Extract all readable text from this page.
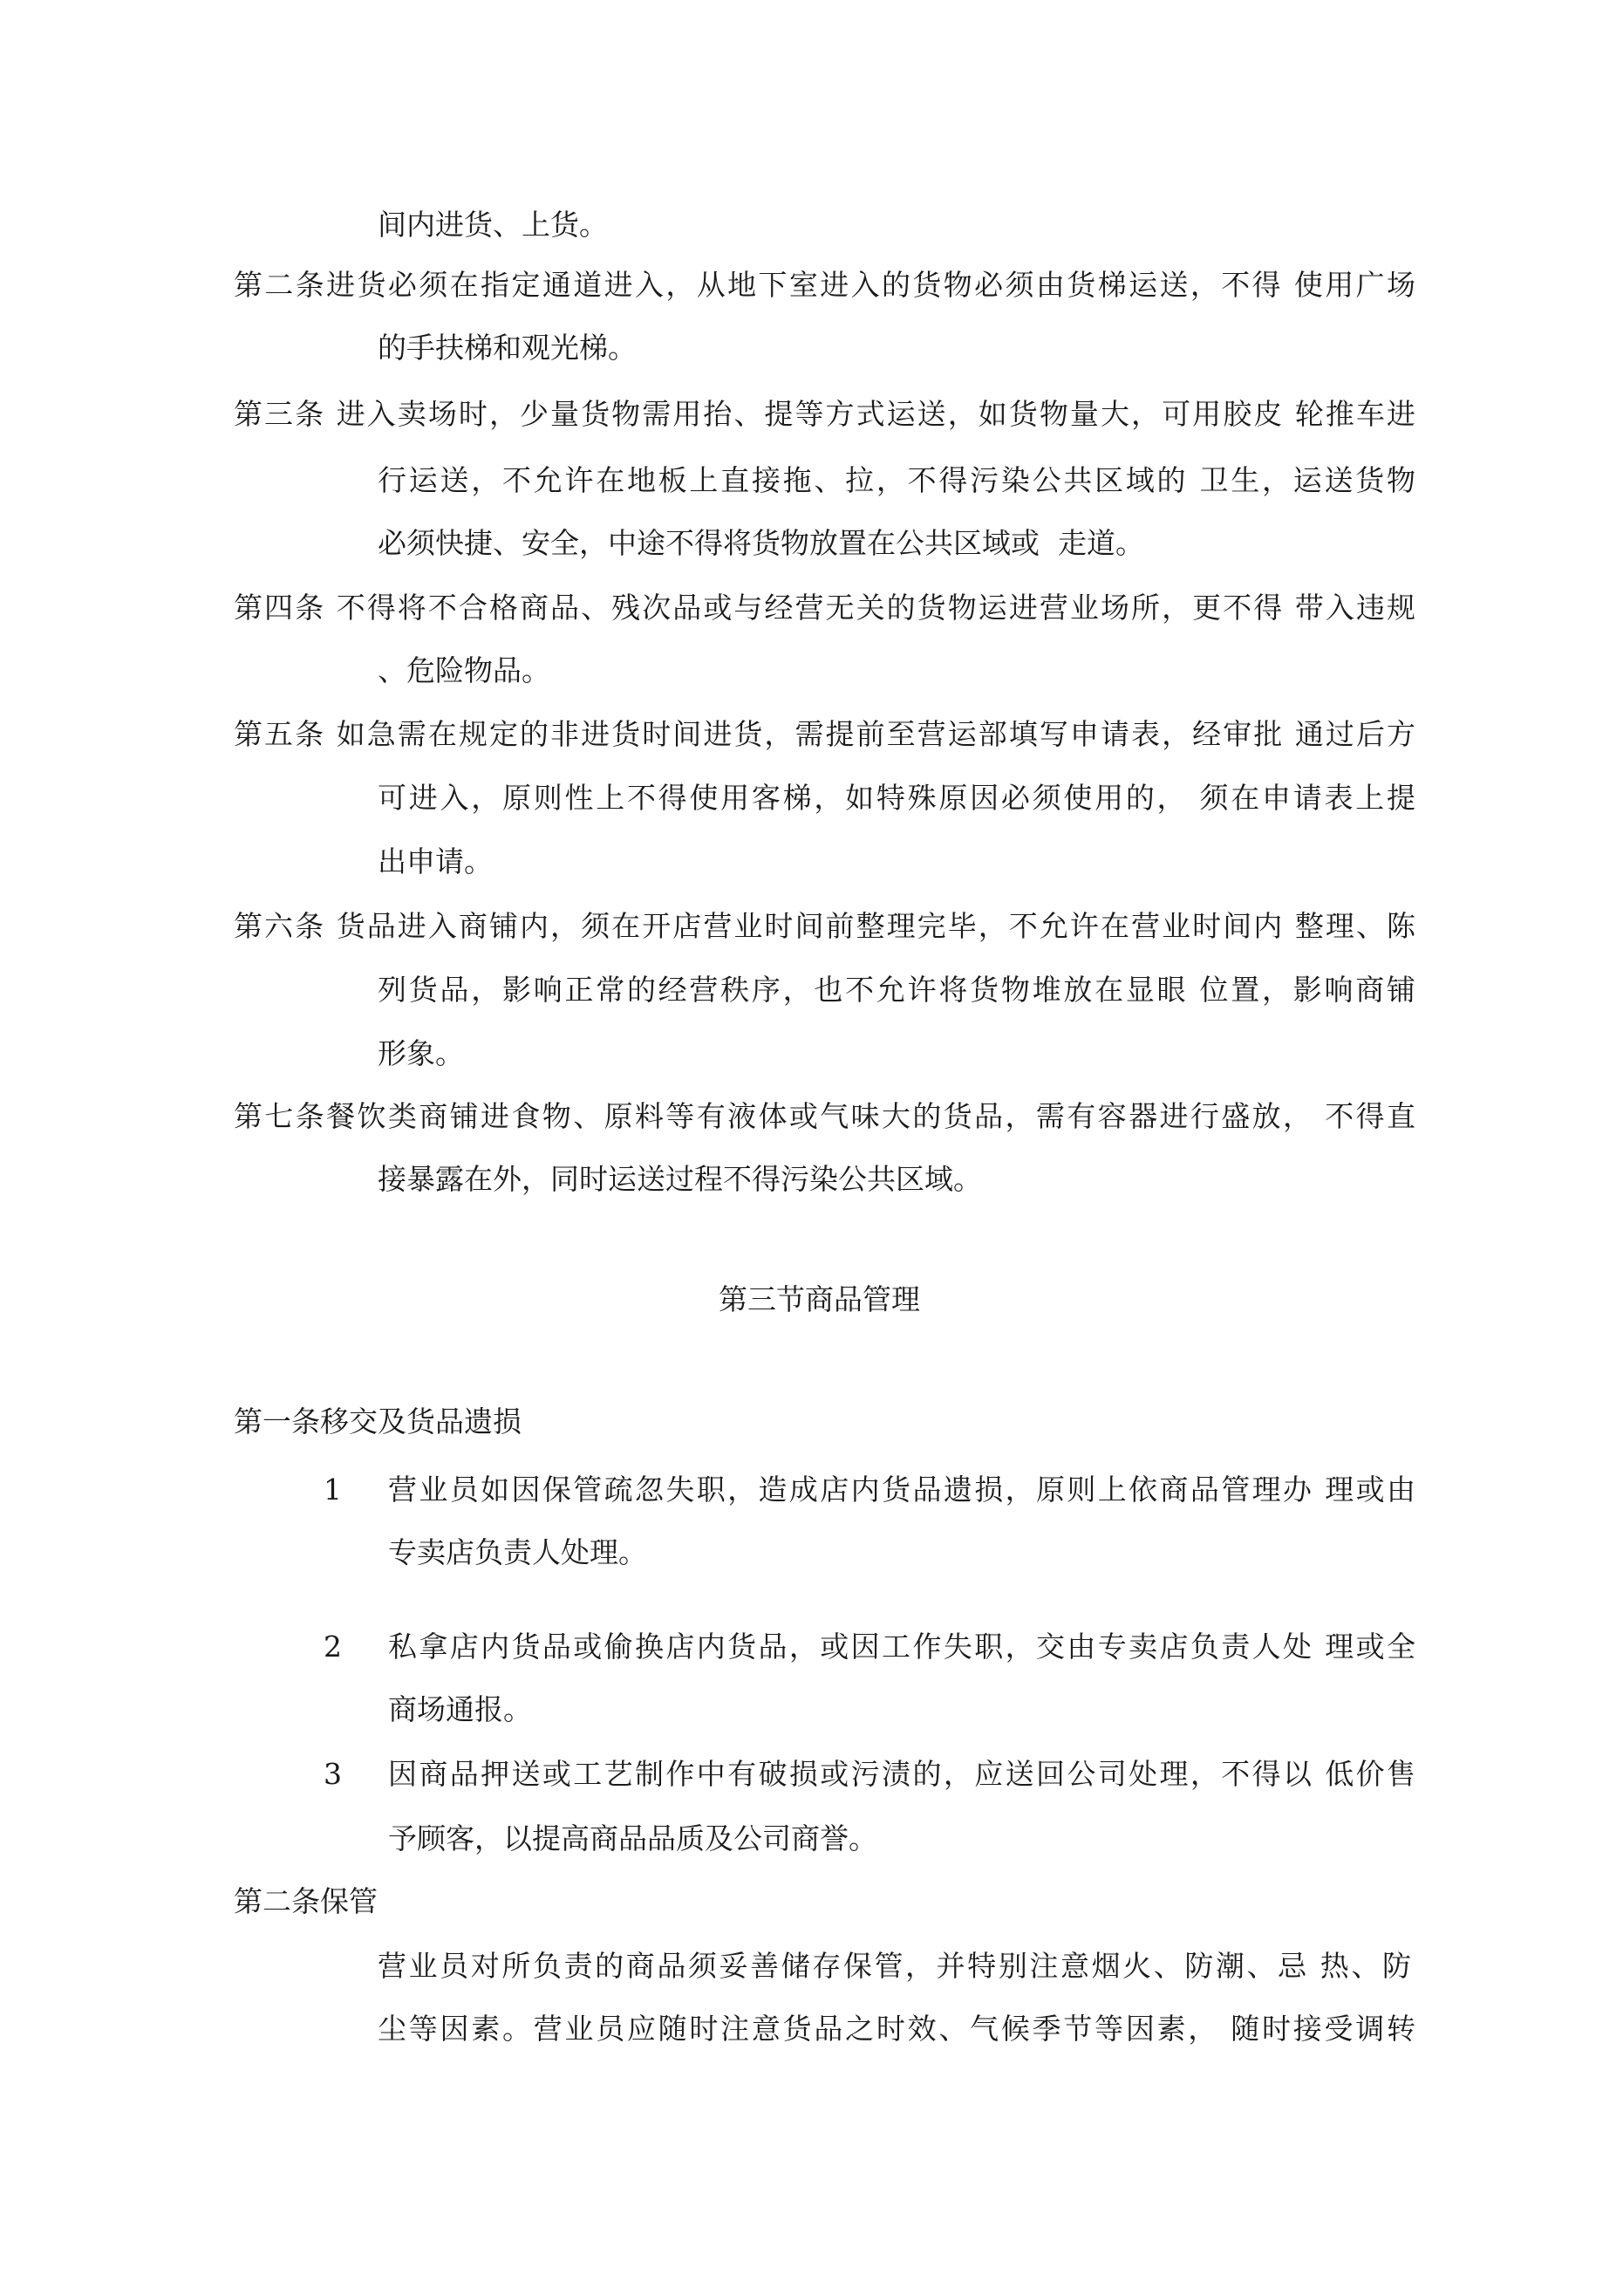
间内进货、上货。
第二条进货必须在指定通道进入，从地下室进入的货物必须由货梯运送，不得 使用广场
的手扶梯和观光梯。
第三条 进入卖场时，少量货物需用抬、提等方式运送，如货物量大，可用胶皮 轮推车进
行运送，不允许在地板上直接拖、拉，不得污染公共区域的 卫生，运送货物
必须快捷、安全，中途不得将货物放置在公共区域或  走道。
第四条 不得将不合格商品、残次品或与经营无关的货物运进营业场所，更不得 带入违规
、危险物品。
第五条 如急需在规定的非进货时间进货，需提前至营运部填写申请表，经审批 通过后方
可进入，原则性上不得使用客梯，如特殊原因必须使用的， 须在申请表上提
出申请。
第六条 货品进入商铺内，须在开店营业时间前整理完毕，不允许在营业时间内 整理、陈
列货品，影响正常的经营秩序，也不允许将货物堆放在显眼 位置，影响商铺
形象。
第七条餐饮类商铺进食物、原料等有液体或气味大的货品，需有容器进行盛放， 不得直
接暴露在外，同时运送过程不得污染公共区域。
第三节商品管理
第一条移交及货品遗损
1 营业员如因保管疏忽失职，造成店内货品遗损，原则上依商品管理办 理或由
专卖店负责人处理。
2 私拿店内货品或偷换店内货品，或因工作失职，交由专卖店负责人处 理或全
商场通报。
3 因商品押送或工艺制作中有破损或污渍的，应送回公司处理，不得以 低价售
予顾客，以提高商品品质及公司商誉。
第二条保管
营业员对所负责的商品须妥善储存保管，并特别注意烟火、防潮、忌 热、防
尘等因素。营业员应随时注意货品之时效、气候季节等因素， 随时接受调转
